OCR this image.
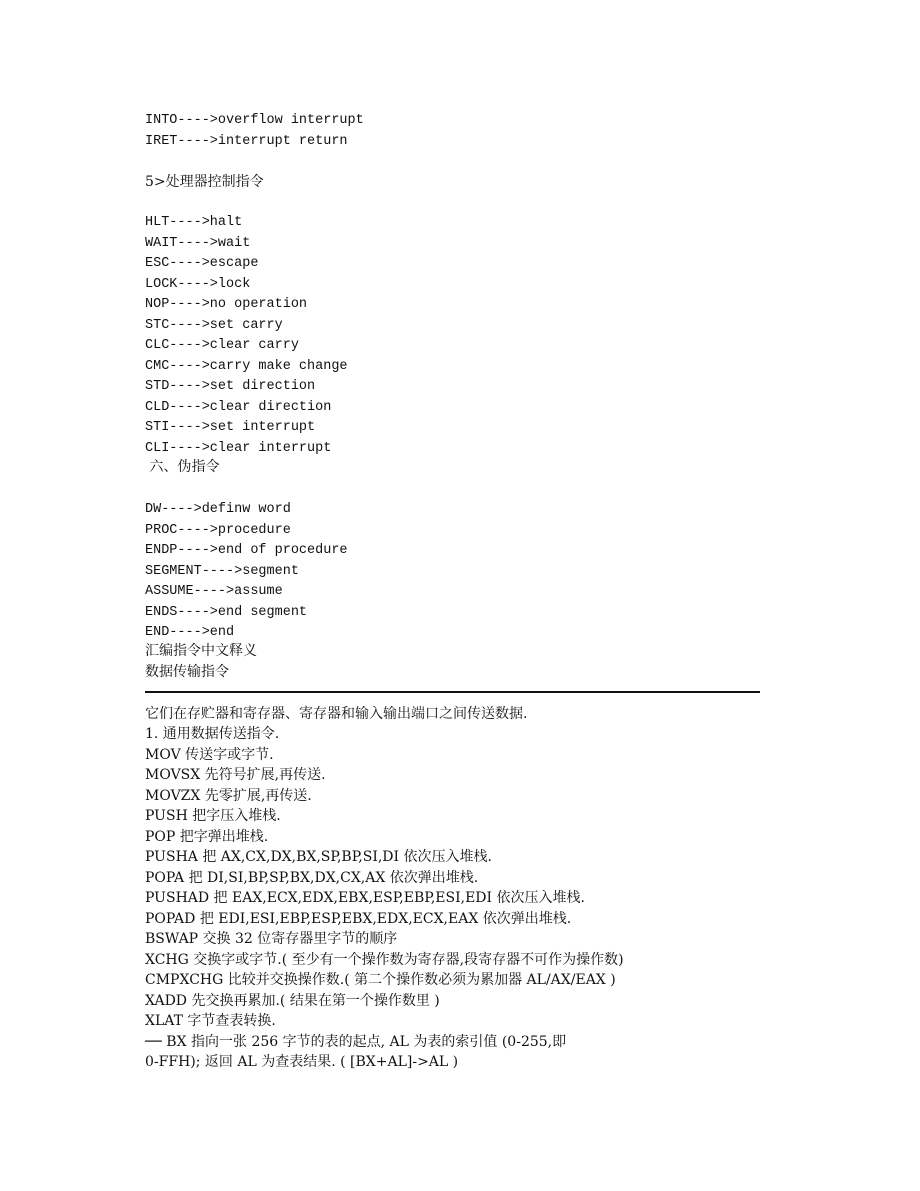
INTO---->overflow interrupt
IRET---->interrupt return
5>处理器控制指令
HLT---->halt
WAIT---->wait
ESC---->escape
LOCK---->lock
NOP---->no operation
STC---->set carry
CLC---->clear carry
CMC---->carry make change
STD---->set direction
CLD---->clear direction
STI---->set interrupt
CLI---->clear interrupt
六、伪指令
DW---->definw word
PROC---->procedure
ENDP---->end of procedure
SEGMENT---->segment
ASSUME---->assume
ENDS---->end segment
END---->end
汇编指令中文释义
数据传输指令
它们在存贮器和寄存器、寄存器和输入输出端口之间传送数据.
1. 通用数据传送指令.
MOV 传送字或字节.
MOVSX 先符号扩展,再传送.
MOVZX 先零扩展,再传送.
PUSH 把字压入堆栈.
POP 把字弹出堆栈.
PUSHA 把 AX,CX,DX,BX,SP,BP,SI,DI 依次压入堆栈.
POPA 把 DI,SI,BP,SP,BX,DX,CX,AX 依次弹出堆栈.
PUSHAD 把 EAX,ECX,EDX,EBX,ESP,EBP,ESI,EDI 依次压入堆栈.
POPAD 把 EDI,ESI,EBP,ESP,EBX,EDX,ECX,EAX 依次弹出堆栈.
BSWAP 交换 32 位寄存器里字节的顺序
XCHG 交换字或字节.( 至少有一个操作数为寄存器,段寄存器不可作为操作数)
CMPXCHG 比较并交换操作数.( 第二个操作数必须为累加器 AL/AX/EAX )
XADD 先交换再累加.( 结果在第一个操作数里 )
XLAT 字节查表转换.
── BX 指向一张 256 字节的表的起点, AL 为表的索引值 (0-255,即
0-FFH); 返回 AL 为查表结果. ( [BX+AL]->AL )
